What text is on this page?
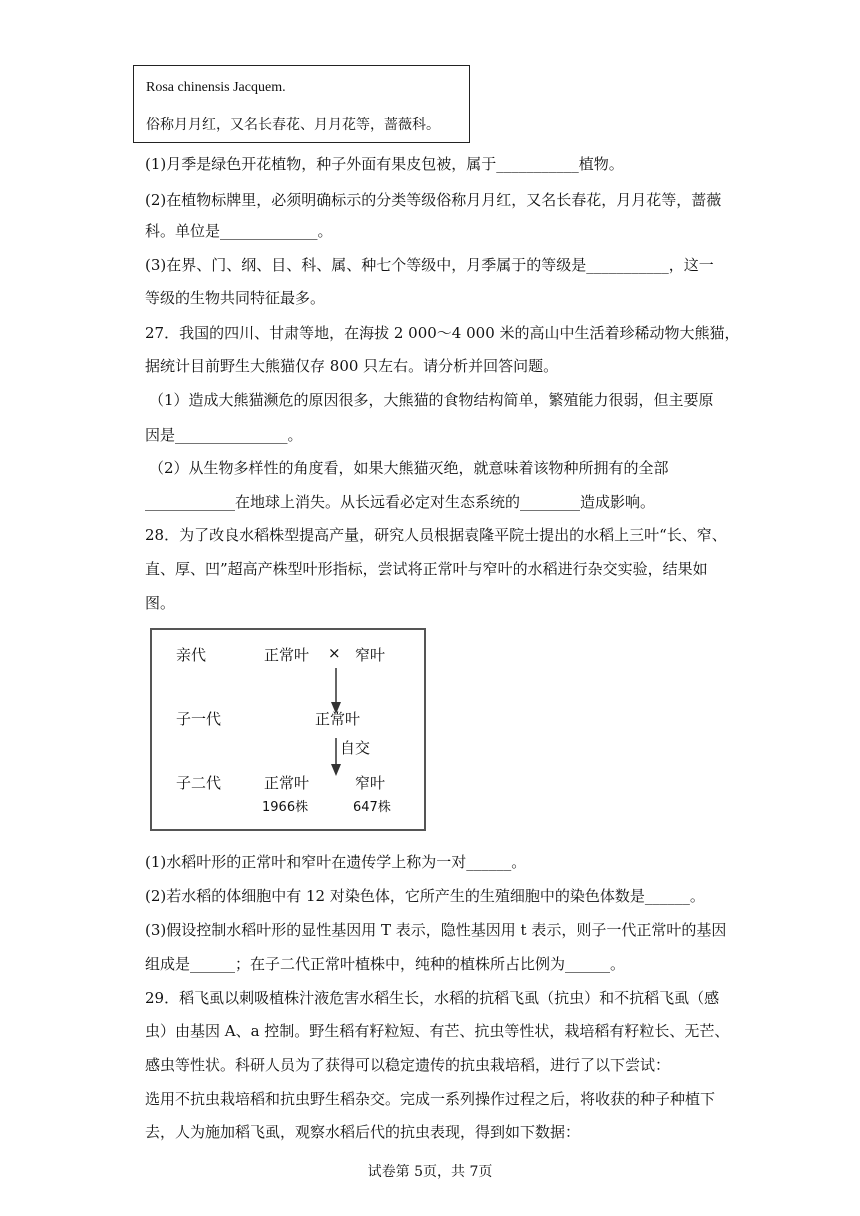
Rosa chinensis Jacquem.
俗称月月红，又名长春花、月月花等，蔷薇科。
(1)月季是绿色开花植物，种子外面有果皮包被，属于___________植物。
(2)在植物标牌里，必须明确标示的分类等级俗称月月红，又名长春花，月月花等，蔷薇
科。单位是_____________。
(3)在界、门、纲、目、科、属、种七个等级中，月季属于的等级是___________，这一
等级的生物共同特征最多。
27．我国的四川、甘肃等地，在海拔 2 000～4 000 米的高山中生活着珍稀动物大熊猫，
据统计目前野生大熊猫仅存 800 只左右。请分析并回答问题。
（1）造成大熊猫濒危的原因很多，大熊猫的食物结构简单，繁殖能力很弱，但主要原
因是_______________。
（2）从生物多样性的角度看，如果大熊猫灭绝，就意味着该物种所拥有的全部
____________在地球上消失。从长远看必定对生态系统的________造成影响。
28．为了改良水稻株型提高产量，研究人员根据袁隆平院士提出的水稻上三叶“长、窄、
直、厚、凹”超高产株型叶形指标，尝试将正常叶与窄叶的水稻进行杂交实验，结果如
图。
亲代	正常叶 × 窄叶
子一代	正常叶
自交
子二代	正常叶
1966株
窄叶
647株
(1)水稻叶形的正常叶和窄叶在遗传学上称为一对______。
(2)若水稻的体细胞中有 12 对染色体，它所产生的生殖细胞中的染色体数是______。
(3)假设控制水稻叶形的显性基因用 T 表示，隐性基因用 t 表示，则子一代正常叶的基因
组成是______；在子二代正常叶植株中，纯种的植株所占比例为______。
29．稻飞虱以刺吸植株汁液危害水稻生长，水稻的抗稻飞虱（抗虫）和不抗稻飞虱（感
虫）由基因 A、a 控制。野生稻有籽粒短、有芒、抗虫等性状，栽培稻有籽粒长、无芒、
感虫等性状。科研人员为了获得可以稳定遗传的抗虫栽培稻，进行了以下尝试：
选用不抗虫栽培稻和抗虫野生稻杂交。完成一系列操作过程之后，将收获的种子种植下
去，人为施加稻飞虱，观察水稻后代的抗虫表现，得到如下数据：
试卷第 5页，共 7页
